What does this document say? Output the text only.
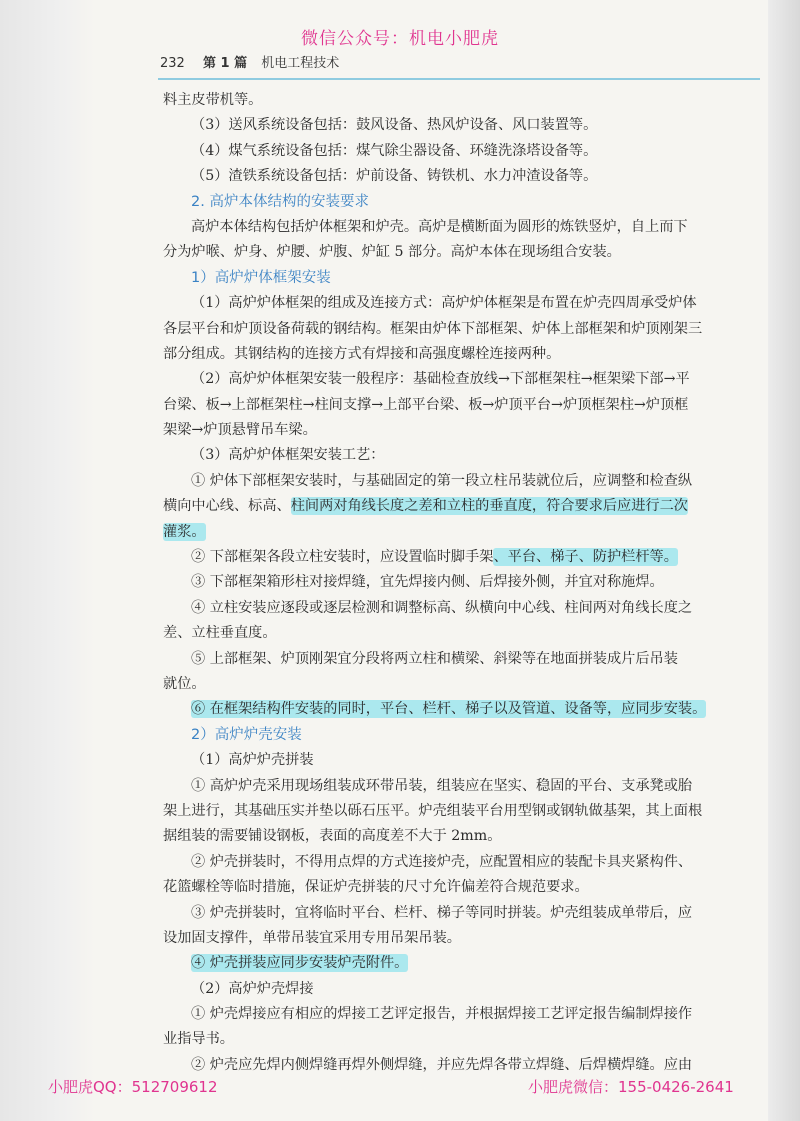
微信公众号：机电小肥虎
232 第 1 篇 机电工程技术
料主皮带机等。
（3）送风系统设备包括：鼓风设备、热风炉设备、风口装置等。
（4）煤气系统设备包括：煤气除尘器设备、环缝洗涤塔设备等。
（5）渣铁系统设备包括：炉前设备、铸铁机、水力冲渣设备等。
2. 高炉本体结构的安装要求
高炉本体结构包括炉体框架和炉壳。高炉是横断面为圆形的炼铁竖炉，自上而下
分为炉喉、炉身、炉腰、炉腹、炉缸 5 部分。高炉本体在现场组合安装。
1）高炉炉体框架安装
（1）高炉炉体框架的组成及连接方式：高炉炉体框架是布置在炉壳四周承受炉体
各层平台和炉顶设备荷载的钢结构。框架由炉体下部框架、炉体上部框架和炉顶刚架三
部分组成。其钢结构的连接方式有焊接和高强度螺栓连接两种。
（2）高炉炉体框架安装一般程序：基础检查放线→下部框架柱→框架梁下部→平
台梁、板→上部框架柱→柱间支撑→上部平台梁、板→炉顶平台→炉顶框架柱→炉顶框
架梁→炉顶悬臂吊车梁。
（3）高炉炉体框架安装工艺：
① 炉体下部框架安装时，与基础固定的第一段立柱吊装就位后，应调整和检查纵
横向中心线、标高、柱间两对角线长度之差和立柱的垂直度，符合要求后应进行二次
灌浆。
② 下部框架各段立柱安装时，应设置临时脚手架、平台、梯子、防护栏杆等。
③ 下部框架箱形柱对接焊缝，宜先焊接内侧、后焊接外侧，并宜对称施焊。
④ 立柱安装应逐段或逐层检测和调整标高、纵横向中心线、柱间两对角线长度之
差、立柱垂直度。
⑤ 上部框架、炉顶刚架宜分段将两立柱和横梁、斜梁等在地面拼装成片后吊装
就位。
⑥ 在框架结构件安装的同时，平台、栏杆、梯子以及管道、设备等，应同步安装。
2）高炉炉壳安装
（1）高炉炉壳拼装
① 高炉炉壳采用现场组装成环带吊装，组装应在坚实、稳固的平台、支承凳或胎
架上进行，其基础压实并垫以砾石压平。炉壳组装平台用型钢或钢轨做基架，其上面根
据组装的需要铺设钢板，表面的高度差不大于 2mm。
② 炉壳拼装时，不得用点焊的方式连接炉壳，应配置相应的装配卡具夹紧构件、
花篮螺栓等临时措施，保证炉壳拼装的尺寸允许偏差符合规范要求。
③ 炉壳拼装时，宜将临时平台、栏杆、梯子等同时拼装。炉壳组装成单带后，应
设加固支撑件，单带吊装宜采用专用吊架吊装。
④ 炉壳拼装应同步安装炉壳附件。
（2）高炉炉壳焊接
① 炉壳焊接应有相应的焊接工艺评定报告，并根据焊接工艺评定报告编制焊接作
业指导书。
② 炉壳应先焊内侧焊缝再焊外侧焊缝，并应先焊各带立焊缝、后焊横焊缝。应由
小肥虎QQ：512709612	小肥虎微信：155-0426-2641
